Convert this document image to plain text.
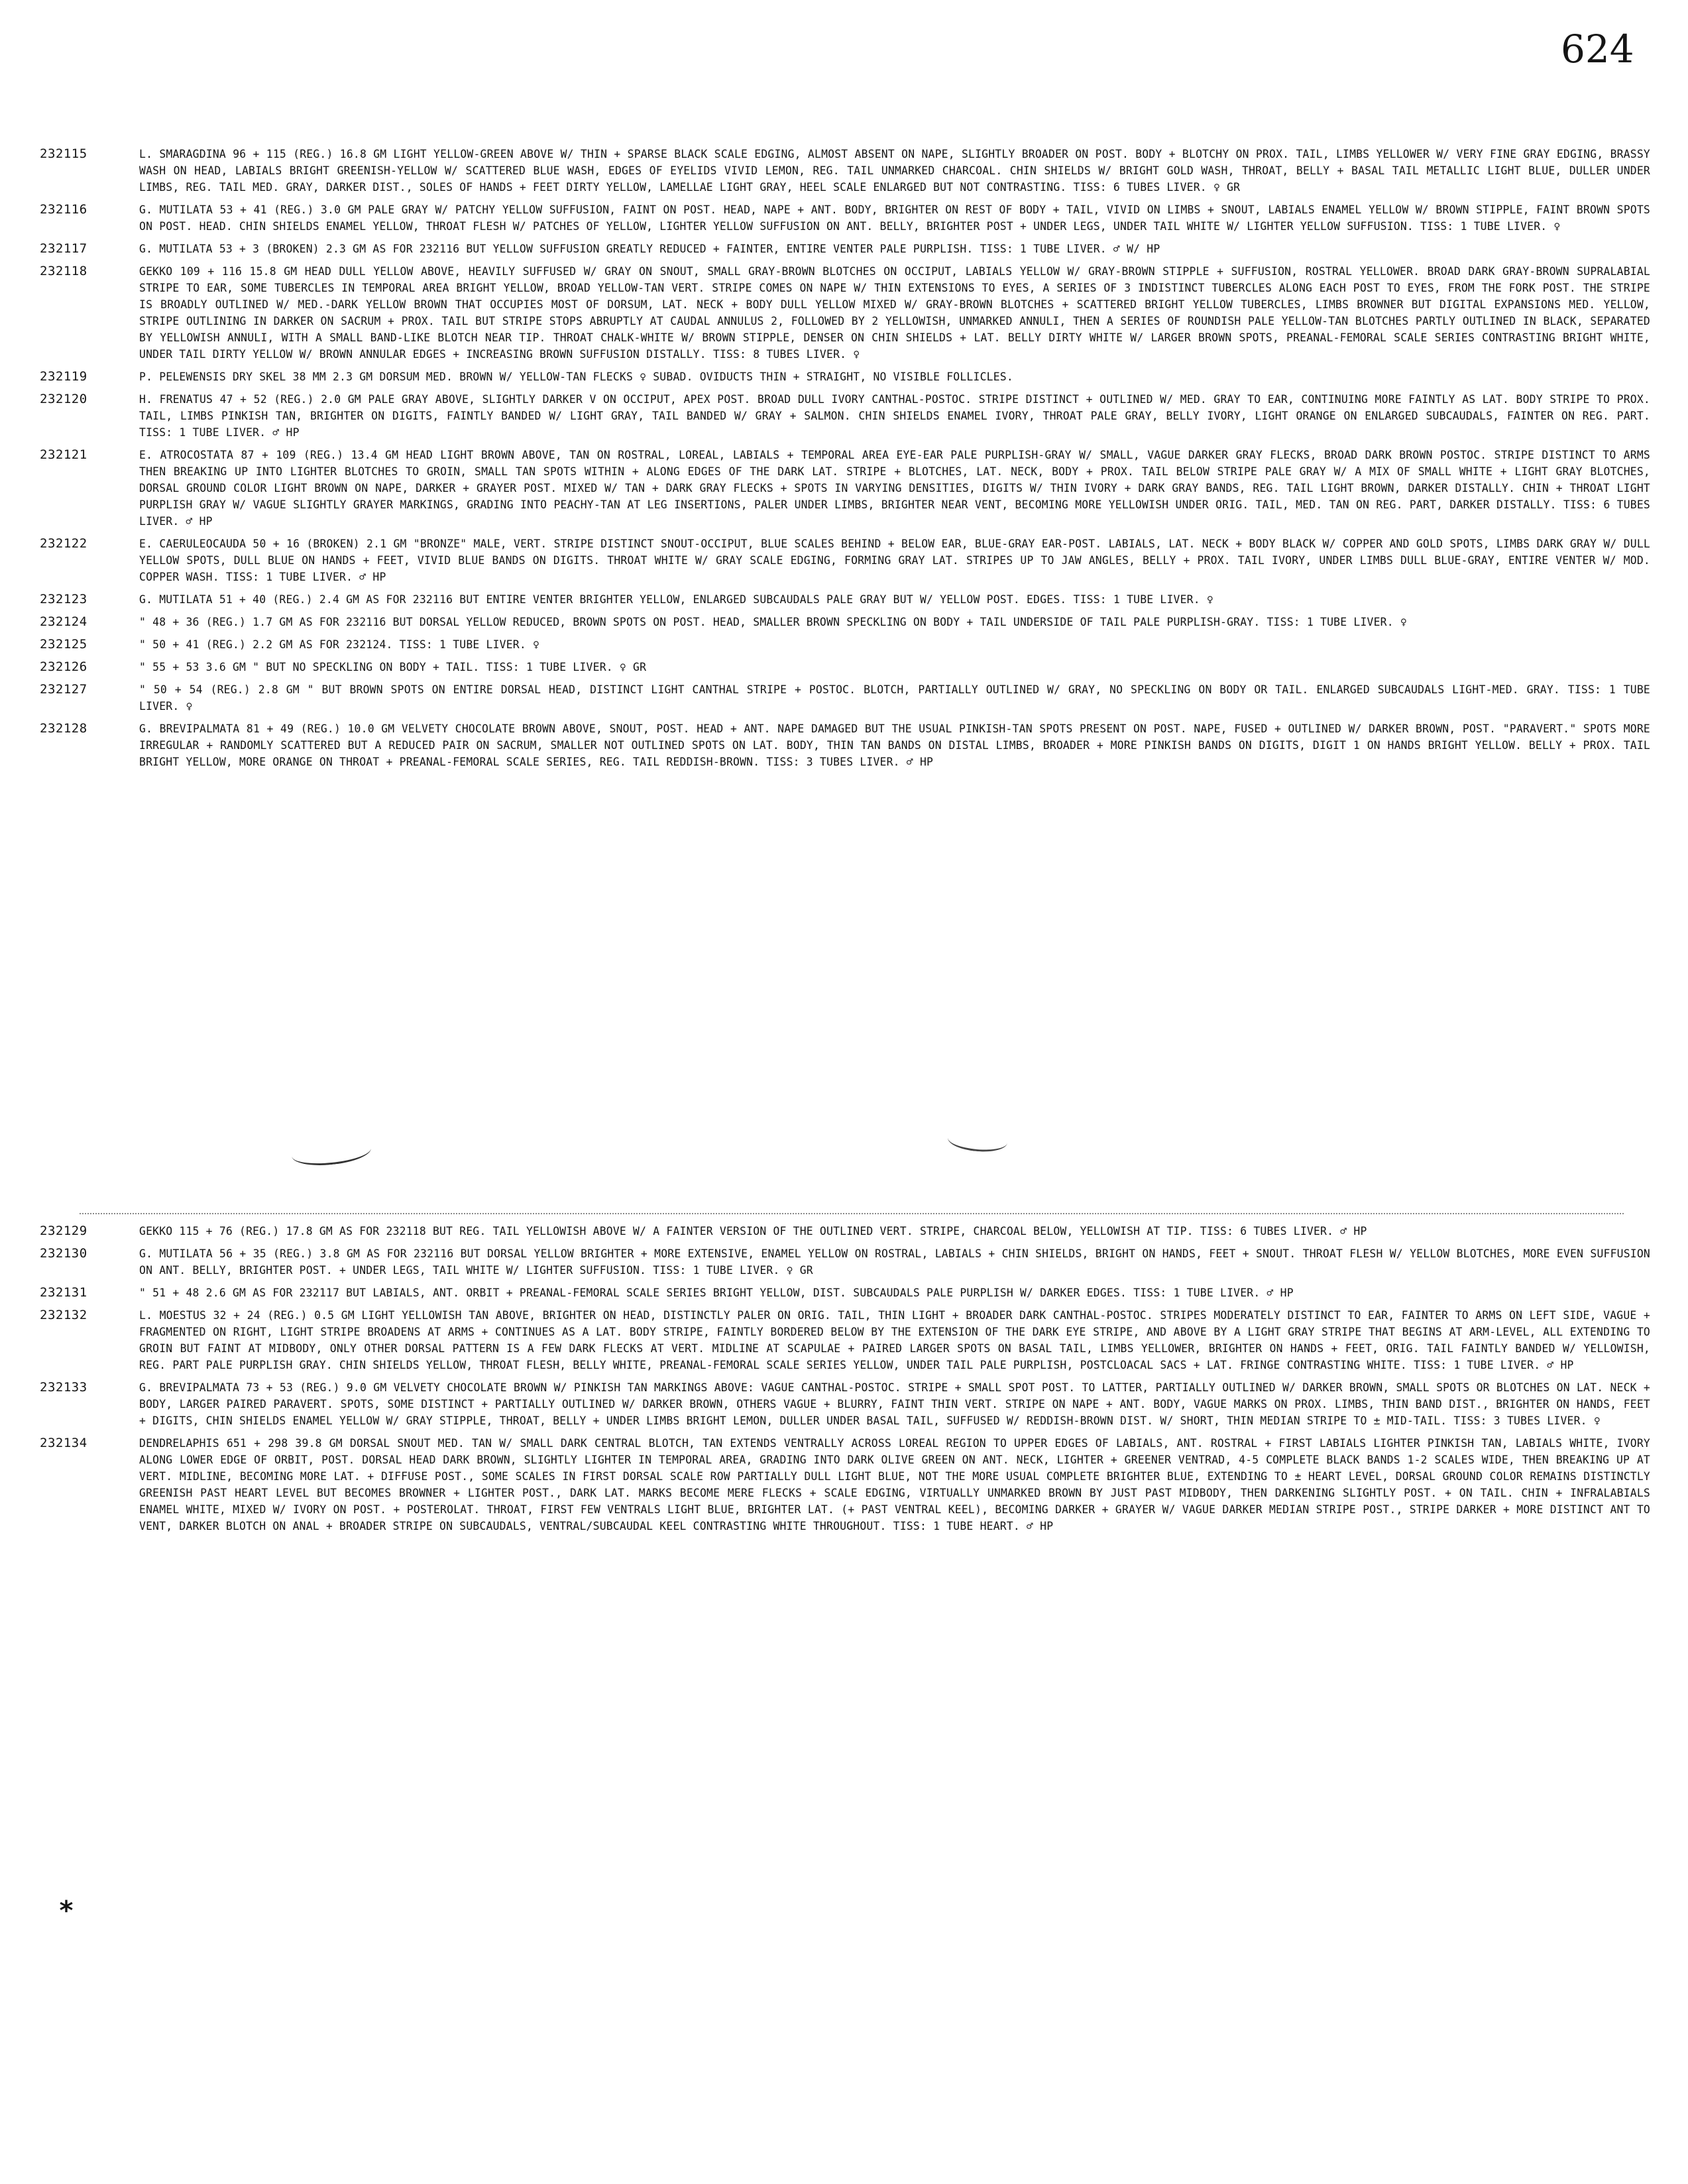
624
232115	L. SMARAGDINA 96 + 115 (REG.) 16.8 GM LIGHT YELLOW-GREEN ABOVE W/ THIN + SPARSE BLACK SCALE EDGING, ALMOST ABSENT ON NAPE, SLIGHTLY BROADER ON POST. BODY + BLOTCHY ON PROX. TAIL, LIMBS YELLOWER W/ VERY FINE GRAY EDGING, BRASSY WASH ON HEAD, LABIALS BRIGHT GREENISH-YELLOW W/ SCATTERED BLUE WASH, EDGES OF EYELIDS VIVID LEMON, REG. TAIL UNMARKED CHARCOAL. CHIN SHIELDS W/ BRIGHT GOLD WASH, THROAT, BELLY + BASAL TAIL METALLIC LIGHT BLUE, DULLER UNDER LIMBS, REG. TAIL MED. GRAY, DARKER DIST., SOLES OF HANDS + FEET DIRTY YELLOW, LAMELLAE LIGHT GRAY, HEEL SCALE ENLARGED BUT NOT CONTRASTING. TISS: 6 TUBES LIVER. ♀ GR
232116	G. MUTILATA 53 + 41 (REG.) 3.0 GM PALE GRAY W/ PATCHY YELLOW SUFFUSION, FAINT ON POST. HEAD, NAPE + ANT. BODY, BRIGHTER ON REST OF BODY + TAIL, VIVID ON LIMBS + SNOUT, LABIALS ENAMEL YELLOW W/ BROWN STIPPLE, FAINT BROWN SPOTS ON POST. HEAD. CHIN SHIELDS ENAMEL YELLOW, THROAT FLESH W/ PATCHES OF YELLOW, LIGHTER YELLOW SUFFUSION ON ANT. BELLY, BRIGHTER POST + UNDER LEGS, UNDER TAIL WHITE W/ LIGHTER YELLOW SUFFUSION. TISS: 1 TUBE LIVER. ♀
232117	G. MUTILATA 53 + 3 (BROKEN) 2.3 GM AS FOR 232116 BUT YELLOW SUFFUSION GREATLY REDUCED + FAINTER, ENTIRE VENTER PALE PURPLISH. TISS: 1 TUBE LIVER. ♂ W/ HP
232118	GEKKO 109 + 116 15.8 GM HEAD DULL YELLOW ABOVE, HEAVILY SUFFUSED W/ GRAY ON SNOUT, SMALL GRAY-BROWN BLOTCHES ON OCCIPUT, LABIALS YELLOW W/ GRAY-BROWN STIPPLE + SUFFUSION, ROSTRAL YELLOWER. BROAD DARK GRAY-BROWN SUPRALABIAL STRIPE TO EAR, SOME TUBERCLES IN TEMPORAL AREA BRIGHT YELLOW, BROAD YELLOW-TAN VERT. STRIPE COMES ON NAPE W/ THIN EXTENSIONS TO EYES, A SERIES OF 3 INDISTINCT TUBERCLES ALONG EACH POST TO EYES, FROM THE FORK POST. THE STRIPE IS BROADLY OUTLINED W/ MED.-DARK YELLOW BROWN THAT OCCUPIES MOST OF DORSUM, LAT. NECK + BODY DULL YELLOW MIXED W/ GRAY-BROWN BLOTCHES + SCATTERED BRIGHT YELLOW TUBERCLES, LIMBS BROWNER BUT DIGITAL EXPANSIONS MED. YELLOW, STRIPE OUTLINING IN DARKER ON SACRUM + PROX. TAIL BUT STRIPE STOPS ABRUPTLY AT CAUDAL ANNULUS 2, FOLLOWED BY 2 YELLOWISH, UNMARKED ANNULI, THEN A SERIES OF ROUNDISH PALE YELLOW-TAN BLOTCHES PARTLY OUTLINED IN BLACK, SEPARATED BY YELLOWISH ANNULI, WITH A SMALL BAND-LIKE BLOTCH NEAR TIP. THROAT CHALK-WHITE W/ BROWN STIPPLE, DENSER ON CHIN SHIELDS + LAT. BELLY DIRTY WHITE W/ LARGER BROWN SPOTS, PREANAL-FEMORAL SCALE SERIES CONTRASTING BRIGHT WHITE, UNDER TAIL DIRTY YELLOW W/ BROWN ANNULAR EDGES + INCREASING BROWN SUFFUSION DISTALLY. TISS: 8 TUBES LIVER. ♀
232119	P. PELEWENSIS DRY SKEL 38 MM 2.3 GM DORSUM MED. BROWN W/ YELLOW-TAN FLECKS ♀ SUBAD. OVIDUCTS THIN + STRAIGHT, NO VISIBLE FOLLICLES.
232120	H. FRENATUS 47 + 52 (REG.) 2.0 GM PALE GRAY ABOVE, SLIGHTLY DARKER V ON OCCIPUT, APEX POST. BROAD DULL IVORY CANTHAL-POSTOC. STRIPE DISTINCT + OUTLINED W/ MED. GRAY TO EAR, CONTINUING MORE FAINTLY AS LAT. BODY STRIPE TO PROX. TAIL, LIMBS PINKISH TAN, BRIGHTER ON DIGITS, FAINTLY BANDED W/ LIGHT GRAY, TAIL BANDED W/ GRAY + SALMON. CHIN SHIELDS ENAMEL IVORY, THROAT PALE GRAY, BELLY IVORY, LIGHT ORANGE ON ENLARGED SUBCAUDALS, FAINTER ON REG. PART. TISS: 1 TUBE LIVER. ♂ HP
232121	E. ATROCOSTATA 87 + 109 (REG.) 13.4 GM HEAD LIGHT BROWN ABOVE, TAN ON ROSTRAL, LOREAL, LABIALS + TEMPORAL AREA EYE-EAR PALE PURPLISH-GRAY W/ SMALL, VAGUE DARKER GRAY FLECKS, BROAD DARK BROWN POSTOC. STRIPE DISTINCT TO ARMS THEN BREAKING UP INTO LIGHTER BLOTCHES TO GROIN, SMALL TAN SPOTS WITHIN + ALONG EDGES OF THE DARK LAT. STRIPE + BLOTCHES, LAT. NECK, BODY + PROX. TAIL BELOW STRIPE PALE GRAY W/ A MIX OF SMALL WHITE + LIGHT GRAY BLOTCHES, DORSAL GROUND COLOR LIGHT BROWN ON NAPE, DARKER + GRAYER POST. MIXED W/ TAN + DARK GRAY FLECKS + SPOTS IN VARYING DENSITIES, DIGITS W/ THIN IVORY + DARK GRAY BANDS, REG. TAIL LIGHT BROWN, DARKER DISTALLY. CHIN + THROAT LIGHT PURPLISH GRAY W/ VAGUE SLIGHTLY GRAYER MARKINGS, GRADING INTO PEACHY-TAN AT LEG INSERTIONS, PALER UNDER LIMBS, BRIGHTER NEAR VENT, BECOMING MORE YELLOWISH UNDER ORIG. TAIL, MED. TAN ON REG. PART, DARKER DISTALLY. TISS: 6 TUBES LIVER. ♂ HP
232122	E. CAERULEOCAUDA 50 + 16 (BROKEN) 2.1 GM "BRONZE" MALE, VERT. STRIPE DISTINCT SNOUT-OCCIPUT, BLUE SCALES BEHIND + BELOW EAR, BLUE-GRAY EAR-POST. LABIALS, LAT. NECK + BODY BLACK W/ COPPER AND GOLD SPOTS, LIMBS DARK GRAY W/ DULL YELLOW SPOTS, DULL BLUE ON HANDS + FEET, VIVID BLUE BANDS ON DIGITS. THROAT WHITE W/ GRAY SCALE EDGING, FORMING GRAY LAT. STRIPES UP TO JAW ANGLES, BELLY + PROX. TAIL IVORY, UNDER LIMBS DULL BLUE-GRAY, ENTIRE VENTER W/ MOD. COPPER WASH. TISS: 1 TUBE LIVER. ♂ HP
232123	G. MUTILATA 51 + 40 (REG.) 2.4 GM AS FOR 232116 BUT ENTIRE VENTER BRIGHTER YELLOW, ENLARGED SUBCAUDALS PALE GRAY BUT W/ YELLOW POST. EDGES. TISS: 1 TUBE LIVER. ♀
232124	" 48 + 36 (REG.) 1.7 GM AS FOR 232116 BUT DORSAL YELLOW REDUCED, BROWN SPOTS ON POST. HEAD, SMALLER BROWN SPECKLING ON BODY + TAIL UNDERSIDE OF TAIL PALE PURPLISH-GRAY. TISS: 1 TUBE LIVER. ♀
232125	" 50 + 41 (REG.) 2.2 GM AS FOR 232124. TISS: 1 TUBE LIVER. ♀
232126	" 55 + 53 3.6 GM " BUT NO SPECKLING ON BODY + TAIL. TISS: 1 TUBE LIVER. ♀ GR
232127	" 50 + 54 (REG.) 2.8 GM " BUT BROWN SPOTS ON ENTIRE DORSAL HEAD, DISTINCT LIGHT CANTHAL STRIPE + POSTOC. BLOTCH, PARTIALLY OUTLINED W/ GRAY, NO SPECKLING ON BODY OR TAIL. ENLARGED SUBCAUDALS LIGHT-MED. GRAY. TISS: 1 TUBE LIVER. ♀
232128	G. BREVIPALMATA 81 + 49 (REG.) 10.0 GM VELVETY CHOCOLATE BROWN ABOVE, SNOUT, POST. HEAD + ANT. NAPE DAMAGED BUT THE USUAL PINKISH-TAN SPOTS PRESENT ON POST. NAPE, FUSED + OUTLINED W/ DARKER BROWN, POST. "PARAVERT." SPOTS MORE IRREGULAR + RANDOMLY SCATTERED BUT A REDUCED PAIR ON SACRUM, SMALLER NOT OUTLINED SPOTS ON LAT. BODY, THIN TAN BANDS ON DISTAL LIMBS, BROADER + MORE PINKISH BANDS ON DIGITS, DIGIT 1 ON HANDS BRIGHT YELLOW. BELLY + PROX. TAIL BRIGHT YELLOW, MORE ORANGE ON THROAT + PREANAL-FEMORAL SCALE SERIES, REG. TAIL REDDISH-BROWN. TISS: 3 TUBES LIVER. ♂ HP
232129	GEKKO 115 + 76 (REG.) 17.8 GM AS FOR 232118 BUT REG. TAIL YELLOWISH ABOVE W/ A FAINTER VERSION OF THE OUTLINED VERT. STRIPE, CHARCOAL BELOW, YELLOWISH AT TIP. TISS: 6 TUBES LIVER. ♂ HP
232130	G. MUTILATA 56 + 35 (REG.) 3.8 GM AS FOR 232116 BUT DORSAL YELLOW BRIGHTER + MORE EXTENSIVE, ENAMEL YELLOW ON ROSTRAL, LABIALS + CHIN SHIELDS, BRIGHT ON HANDS, FEET + SNOUT. THROAT FLESH W/ YELLOW BLOTCHES, MORE EVEN SUFFUSION ON ANT. BELLY, BRIGHTER POST. + UNDER LEGS, TAIL WHITE W/ LIGHTER SUFFUSION. TISS: 1 TUBE LIVER. ♀ GR
232131	" 51 + 48 2.6 GM AS FOR 232117 BUT LABIALS, ANT. ORBIT + PREANAL-FEMORAL SCALE SERIES BRIGHT YELLOW, DIST. SUBCAUDALS PALE PURPLISH W/ DARKER EDGES. TISS: 1 TUBE LIVER. ♂ HP
232132	L. MOESTUS 32 + 24 (REG.) 0.5 GM LIGHT YELLOWISH TAN ABOVE, BRIGHTER ON HEAD, DISTINCTLY PALER ON ORIG. TAIL, THIN LIGHT + BROADER DARK CANTHAL-POSTOC. STRIPES MODERATELY DISTINCT TO EAR, FAINTER TO ARMS ON LEFT SIDE, VAGUE + FRAGMENTED ON RIGHT, LIGHT STRIPE BROADENS AT ARMS + CONTINUES AS A LAT. BODY STRIPE, FAINTLY BORDERED BELOW BY THE EXTENSION OF THE DARK EYE STRIPE, AND ABOVE BY A LIGHT GRAY STRIPE THAT BEGINS AT ARM-LEVEL, ALL EXTENDING TO GROIN BUT FAINT AT MIDBODY, ONLY OTHER DORSAL PATTERN IS A FEW DARK FLECKS AT VERT. MIDLINE AT SCAPULAE + PAIRED LARGER SPOTS ON BASAL TAIL, LIMBS YELLOWER, BRIGHTER ON HANDS + FEET, ORIG. TAIL FAINTLY BANDED W/ YELLOWISH, REG. PART PALE PURPLISH GRAY. CHIN SHIELDS YELLOW, THROAT FLESH, BELLY WHITE, PREANAL-FEMORAL SCALE SERIES YELLOW, UNDER TAIL PALE PURPLISH, POSTCLOACAL SACS + LAT. FRINGE CONTRASTING WHITE. TISS: 1 TUBE LIVER. ♂ HP
232133	G. BREVIPALMATA 73 + 53 (REG.) 9.0 GM VELVETY CHOCOLATE BROWN W/ PINKISH TAN MARKINGS ABOVE: VAGUE CANTHAL-POSTOC. STRIPE + SMALL SPOT POST. TO LATTER, PARTIALLY OUTLINED W/ DARKER BROWN, SMALL SPOTS OR BLOTCHES ON LAT. NECK + BODY, LARGER PAIRED PARAVERT. SPOTS, SOME DISTINCT + PARTIALLY OUTLINED W/ DARKER BROWN, OTHERS VAGUE + BLURRY, FAINT THIN VERT. STRIPE ON NAPE + ANT. BODY, VAGUE MARKS ON PROX. LIMBS, THIN BAND DIST., BRIGHTER ON HANDS, FEET + DIGITS, CHIN SHIELDS ENAMEL YELLOW W/ GRAY STIPPLE, THROAT, BELLY + UNDER LIMBS BRIGHT LEMON, DULLER UNDER BASAL TAIL, SUFFUSED W/ REDDISH-BROWN DIST. W/ SHORT, THIN MEDIAN STRIPE TO ± MID-TAIL. TISS: 3 TUBES LIVER. ♀
232134	DENDRELAPHIS 651 + 298 39.8 GM DORSAL SNOUT MED. TAN W/ SMALL DARK CENTRAL BLOTCH, TAN EXTENDS VENTRALLY ACROSS LOREAL REGION TO UPPER EDGES OF LABIALS, ANT. ROSTRAL + FIRST LABIALS LIGHTER PINKISH TAN, LABIALS WHITE, IVORY ALONG LOWER EDGE OF ORBIT, POST. DORSAL HEAD DARK BROWN, SLIGHTLY LIGHTER IN TEMPORAL AREA, GRADING INTO DARK OLIVE GREEN ON ANT. NECK, LIGHTER + GREENER VENTRAD, 4-5 COMPLETE BLACK BANDS 1-2 SCALES WIDE, THEN BREAKING UP AT VERT. MIDLINE, BECOMING MORE LAT. + DIFFUSE POST., SOME SCALES IN FIRST DORSAL SCALE ROW PARTIALLY DULL LIGHT BLUE, NOT THE MORE USUAL COMPLETE BRIGHTER BLUE, EXTENDING TO ± HEART LEVEL, DORSAL GROUND COLOR REMAINS DISTINCTLY GREENISH PAST HEART LEVEL BUT BECOMES BROWNER + LIGHTER POST., DARK LAT. MARKS BECOME MERE FLECKS + SCALE EDGING, VIRTUALLY UNMARKED BROWN BY JUST PAST MIDBODY, THEN DARKENING SLIGHTLY POST. + ON TAIL. CHIN + INFRALABIALS ENAMEL WHITE, MIXED W/ IVORY ON POST. + POSTEROLAT. THROAT, FIRST FEW VENTRALS LIGHT BLUE, BRIGHTER LAT. (+ PAST VENTRAL KEEL), BECOMING DARKER + GRAYER W/ VAGUE DARKER MEDIAN STRIPE POST., STRIPE DARKER + MORE DISTINCT ANT TO VENT, DARKER BLOTCH ON ANAL + BROADER STRIPE ON SUBCAUDALS, VENTRAL/SUBCAUDAL KEEL CONTRASTING WHITE THROUGHOUT. TISS: 1 TUBE HEART. ♂ HP
*
